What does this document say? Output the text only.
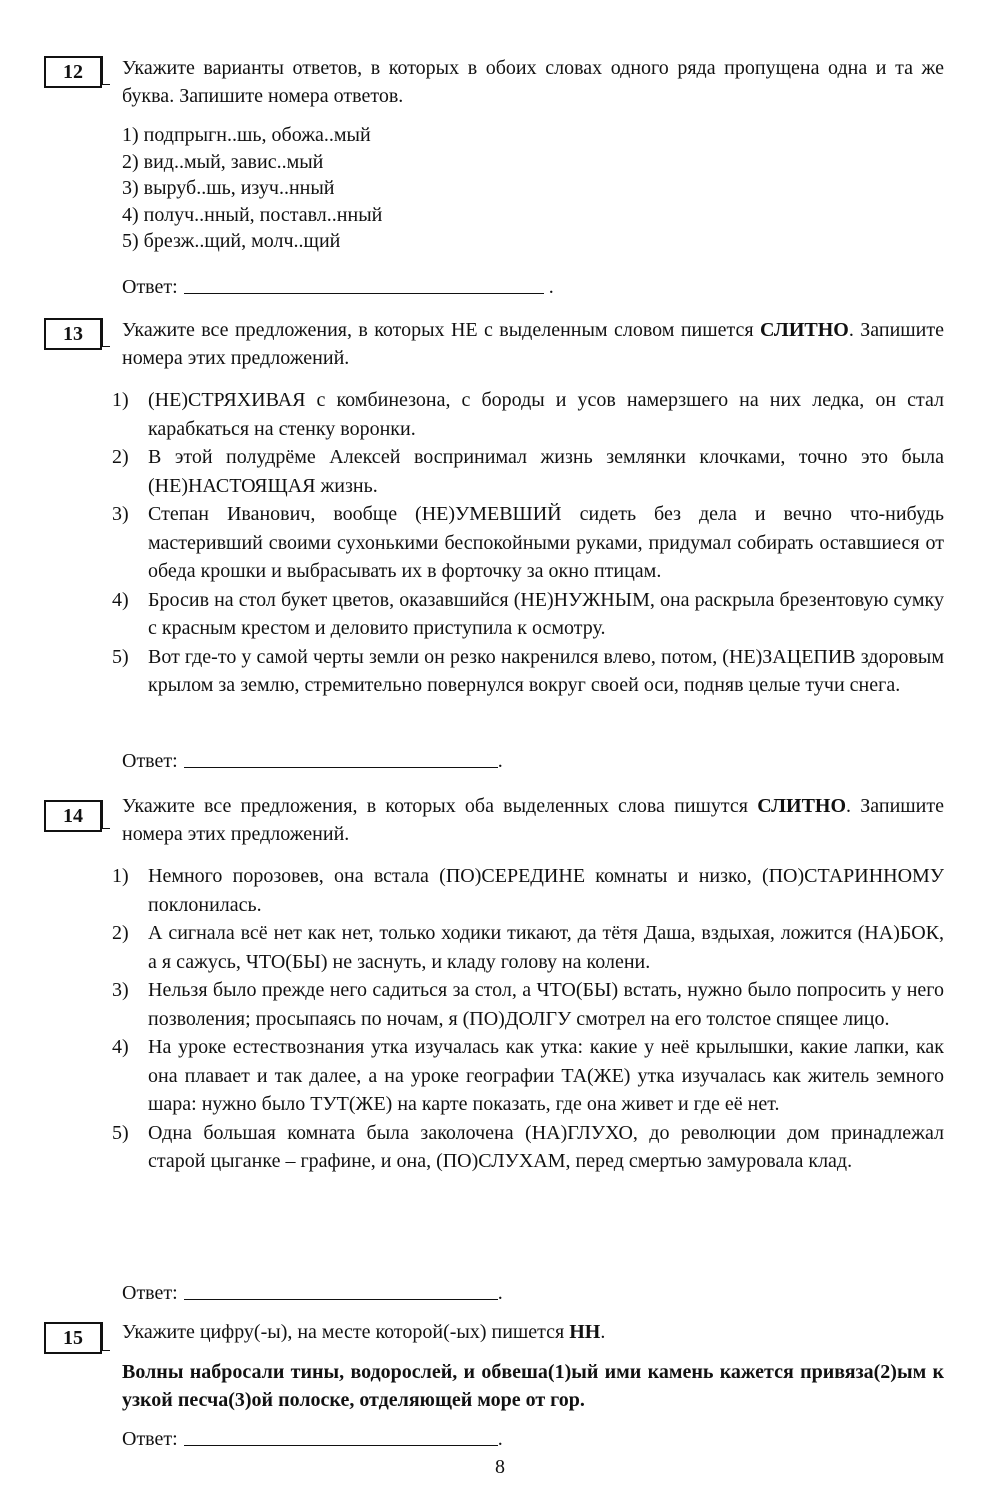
12	Укажите варианты ответов, в которых в обоих словах одного ряда пропущена одна и та же буква. Запишите номера ответов.
1) подпрыгн..шь, обожа..мый
2) вид..мый, завис..мый
3) выруб..шь, изуч..нный
4) получ..нный, поставл..нный
5) брезж..щий, молч..щий
Ответ:	.
13	Укажите все предложения, в которых НЕ с выделенным словом пишется СЛИТНО. Запишите номера этих предложений.
1) (НЕ)СТРЯХИВАЯ с комбинезона, с бороды и усов намерзшего на них ледка, он стал карабкаться на стенку воронки.
2) В этой полудрёме Алексей воспринимал жизнь землянки клочками, точно это была (НЕ)НАСТОЯЩАЯ жизнь.
3) Степан Иванович, вообще (НЕ)УМЕВШИЙ сидеть без дела и вечно что-нибудь мастеривший своими сухонькими беспокойными руками, придумал собирать оставшиеся от обеда крошки и выбрасывать их в форточку за окно птицам.
4) Бросив на стол букет цветов, оказавшийся (НЕ)НУЖНЫМ, она раскрыла брезентовую сумку с красным крестом и деловито приступила к осмотру.
5) Вот где-то у самой черты земли он резко накренился влево, потом, (НЕ)ЗАЦЕПИВ здоровым крылом за землю, стремительно повернулся вокруг своей оси, подняв целые тучи снега.
Ответ:	.
14	Укажите все предложения, в которых оба выделенных слова пишутся СЛИТНО. Запишите номера этих предложений.
1) Немного порозовев, она встала (ПО)СЕРЕДИНЕ комнаты и низко, (ПО)СТАРИННОМУ поклонилась.
2) А сигнала всё нет как нет, только ходики тикают, да тётя Даша, вздыхая, ложится (НА)БОК, а я сажусь, ЧТО(БЫ) не заснуть, и кладу голову на колени.
3) Нельзя было прежде него садиться за стол, а ЧТО(БЫ) встать, нужно было попросить у него позволения; просыпаясь по ночам, я (ПО)ДОЛГУ смотрел на его толстое спящее лицо.
4) На уроке естествознания утка изучалась как утка: какие у неё крылышки, какие лапки, как она плавает и так далее, а на уроке географии ТА(ЖЕ) утка изучалась как житель земного шара: нужно было ТУТ(ЖЕ) на карте показать, где она живет и где её нет.
5) Одна большая комната была заколочена (НА)ГЛУХО, до революции дом принадлежал старой цыганке – графине, и она, (ПО)СЛУХАМ, перед смертью замуровала клад.
Ответ:	.
15	Укажите цифру(-ы), на месте которой(-ых) пишется НН.
Волны набросали тины, водорослей, и обвеша(1)ый ими камень кажется привяза(2)ым к узкой песча(3)ой полоске, отделяющей море от гор.
Ответ:	.
8
